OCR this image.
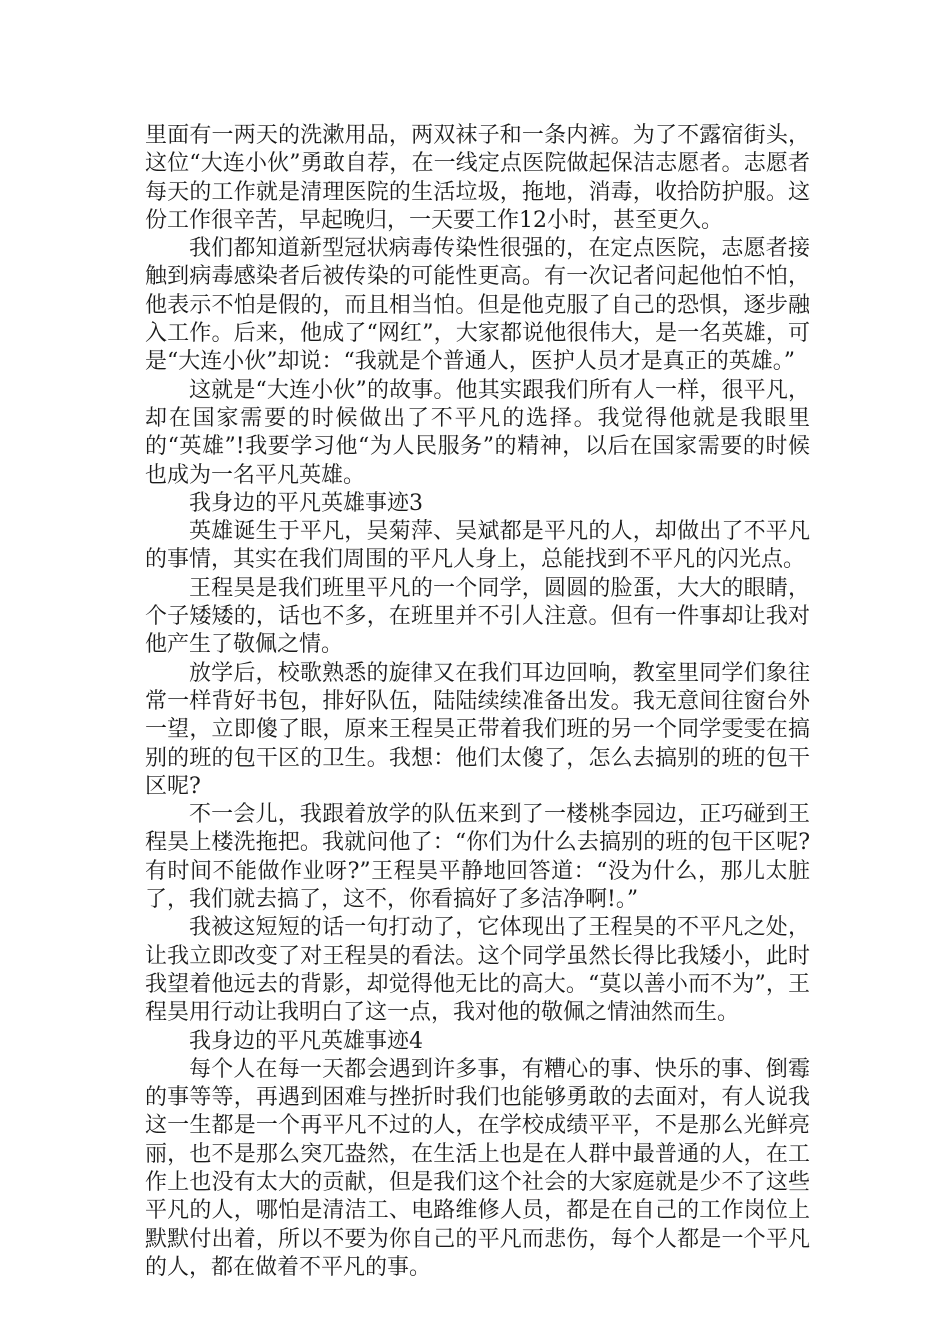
里面有一两天的洗漱用品，两双袜子和一条内裤。为了不露宿街头，这位“大连小伙”勇敢自荐，在一线定点医院做起保洁志愿者。志愿者每天的工作就是清理医院的生活垃圾，拖地，消毒，收拾防护服。这份工作很辛苦，早起晚归，一天要工作12小时，甚至更久。

我们都知道新型冠状病毒传染性很强的，在定点医院，志愿者接触到病毒感染者后被传染的可能性更高。有一次记者问起他怕不怕，他表示不怕是假的，而且相当怕。但是他克服了自己的恐惧，逐步融入工作。后来，他成了“网红”，大家都说他很伟大，是一名英雄，可是“大连小伙”却说：“我就是个普通人，医护人员才是真正的英雄。”

这就是“大连小伙”的故事。他其实跟我们所有人一样，很平凡，却在国家需要的时候做出了不平凡的选择。我觉得他就是我眼里的“英雄”!我要学习他“为人民服务”的精神，以后在国家需要的时候也成为一名平凡英雄。

我身边的平凡英雄事迹3

英雄诞生于平凡，吴菊萍、吴斌都是平凡的人，却做出了不平凡的事情，其实在我们周围的平凡人身上，总能找到不平凡的闪光点。

王程昊是我们班里平凡的一个同学，圆圆的脸蛋，大大的眼睛，个子矮矮的，话也不多，在班里并不引人注意。但有一件事却让我对他产生了敬佩之情。

放学后，校歌熟悉的旋律又在我们耳边回响，教室里同学们象往常一样背好书包，排好队伍，陆陆续续准备出发。我无意间往窗台外一望，立即傻了眼，原来王程昊正带着我们班的另一个同学雯雯在搞别的班的包干区的卫生。我想：他们太傻了，怎么去搞别的班的包干区呢?

不一会儿，我跟着放学的队伍来到了一楼桃李园边，正巧碰到王程昊上楼洗拖把。我就问他了：“你们为什么去搞别的班的包干区呢?有时间不能做作业呀?”王程昊平静地回答道：“没为什么，那儿太脏了，我们就去搞了，这不，你看搞好了多洁净啊!。”

我被这短短的话一句打动了，它体现出了王程昊的不平凡之处，让我立即改变了对王程昊的看法。这个同学虽然长得比我矮小，此时我望着他远去的背影，却觉得他无比的高大。“莫以善小而不为”，王程昊用行动让我明白了这一点，我对他的敬佩之情油然而生。

我身边的平凡英雄事迹4

每个人在每一天都会遇到许多事，有糟心的事、快乐的事、倒霉的事等等，再遇到困难与挫折时我们也能够勇敢的去面对，有人说我这一生都是一个再平凡不过的人，在学校成绩平平，不是那么光鲜亮丽，也不是那么突兀盎然，在生活上也是在人群中最普通的人，在工作上也没有太大的贡献，但是我们这个社会的大家庭就是少不了这些平凡的人，哪怕是清洁工、电路维修人员，都是在自己的工作岗位上默默付出着，所以不要为你自己的平凡而悲伤，每个人都是一个平凡的人，都在做着不平凡的事。
